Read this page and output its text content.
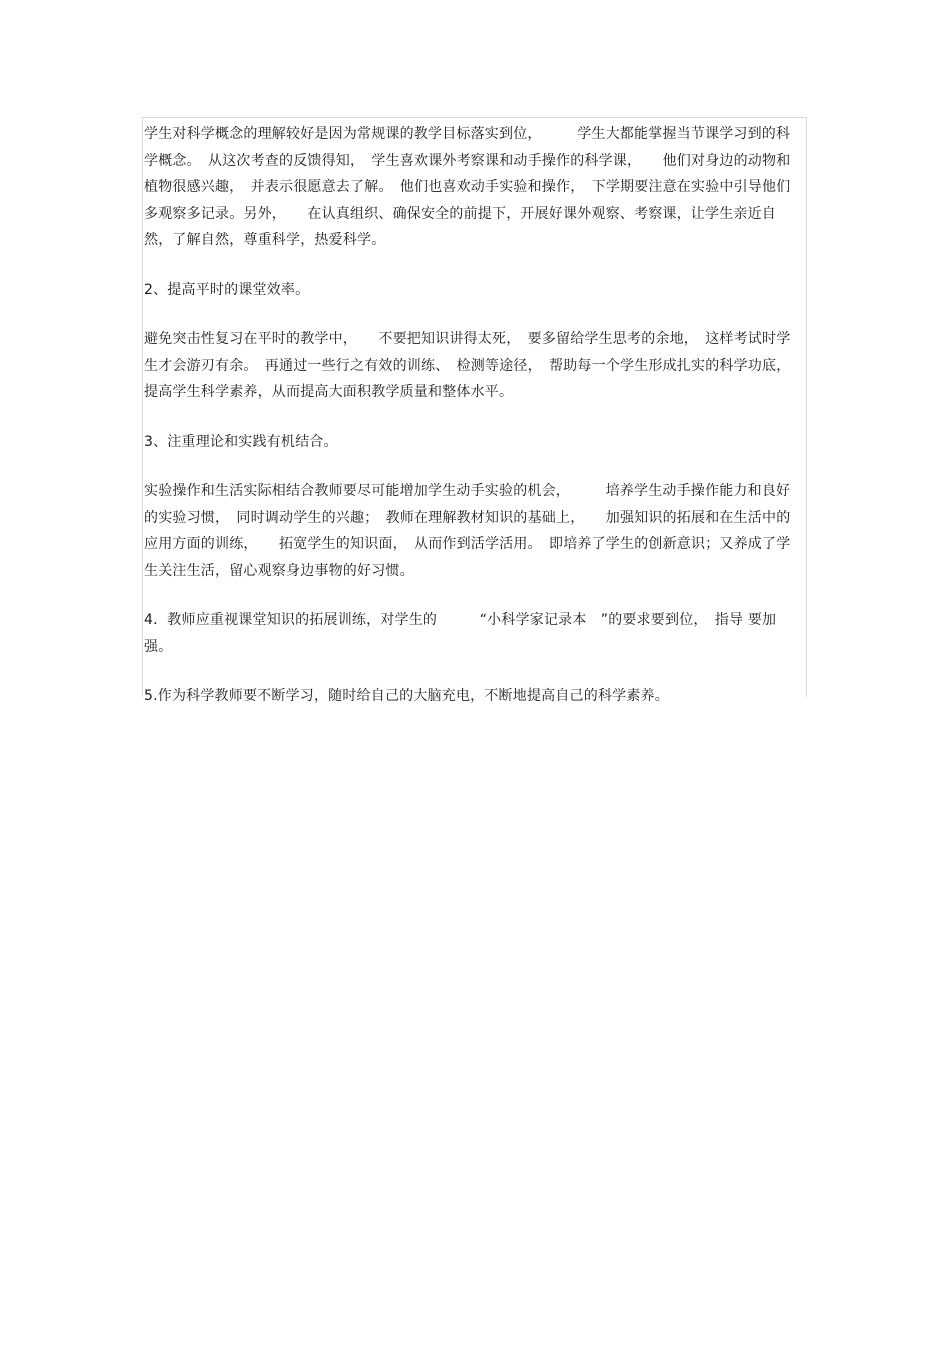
学生对科学概念的理解较好是因为常规课的教学目标落实到位，　　　学生大都能掌握当节课学习到的科学概念。　从这次考查的反馈得知，　学生喜欢课外考察课和动手操作的科学课，　　他们对身边的动物和植物很感兴趣，　并表示很愿意去了解。　他们也喜欢动手实验和操作，　下学期要注意在实验中引导他们多观察多记录。另外，　　在认真组织、确保安全的前提下，开展好课外观察、考察课，让学生亲近自然，了解自然，尊重科学，热爱科学。

2、提高平时的课堂效率。

避免突击性复习在平时的教学中，　　不要把知识讲得太死，　要多留给学生思考的余地，　这样考试时学生才会游刃有余。　再通过一些行之有效的训练、　检测等途径，　帮助每一个学生形成扎实的科学功底，提高学生科学素养，从而提高大面积教学质量和整体水平。

3、注重理论和实践有机结合。

实验操作和生活实际相结合教师要尽可能增加学生动手实验的机会，　　　培养学生动手操作能力和良好的实验习惯，　同时调动学生的兴趣；　教师在理解教材知识的基础上，　　加强知识的拓展和在生活中的应用方面的训练，　　拓宽学生的知识面，　从而作到活学活用。　即培养了学生的创新意识；又养成了学生关注生活，留心观察身边事物的好习惯。

4．教师应重视课堂知识的拓展训练，对学生的　　　“小科学家记录本　”的要求要到位，　指导 要加强。

5.作为科学教师要不断学习，随时给自己的大脑充电，不断地提高自己的科学素养。
